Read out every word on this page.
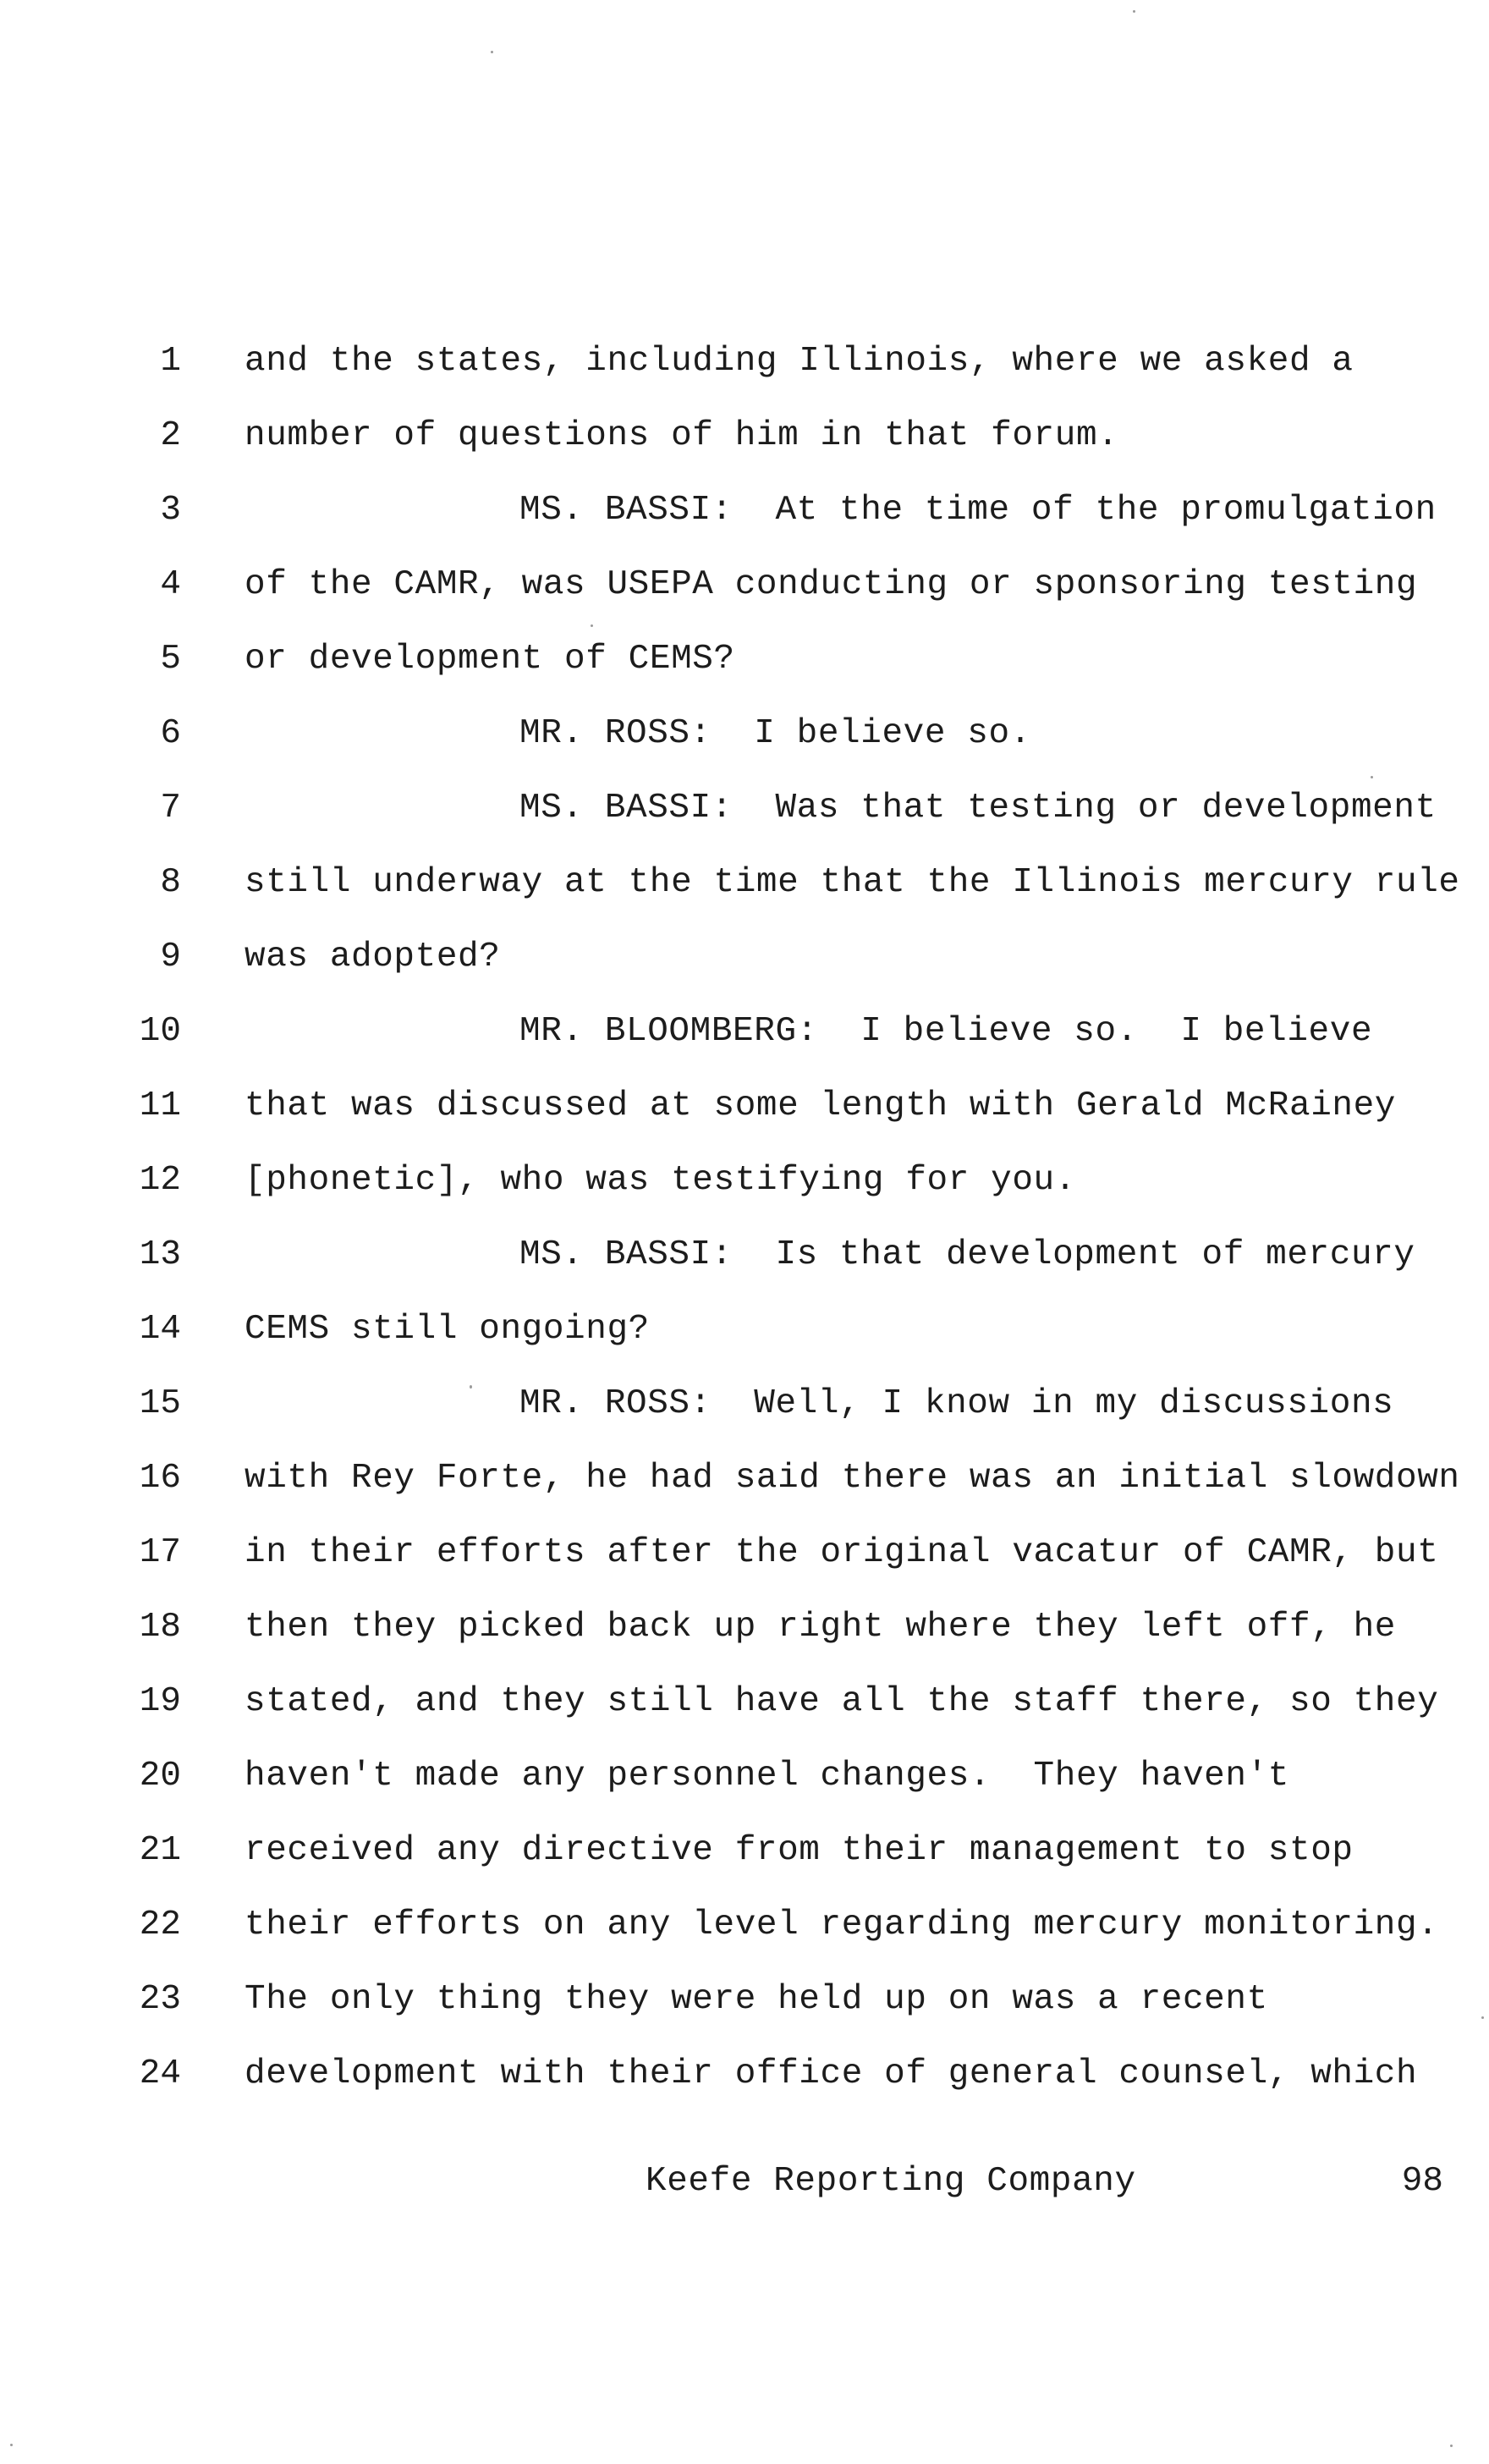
1 and the states, including Illinois, where we asked a
2 number of questions of him in that forum.
3	MS. BASSI:  At the time of the promulgation
4 of the CAMR, was USEPA conducting or sponsoring testing
5 or development of CEMS?
6	MR. ROSS:  I believe so.
7	MS. BASSI:  Was that testing or development
8 still underway at the time that the Illinois mercury rule
9 was adopted?
10	MR. BLOOMBERG:  I believe so.  I believe
11 that was discussed at some length with Gerald McRainey
12 [phonetic], who was testifying for you.
13	MS. BASSI:  Is that development of mercury
14 CEMS still ongoing?
15	MR. ROSS:  Well, I know in my discussions
16 with Rey Forte, he had said there was an initial slowdown
17 in their efforts after the original vacatur of CAMR, but
18 then they picked back up right where they left off, he
19 stated, and they still have all the staff there, so they
20 haven't made any personnel changes.  They haven't
21 received any directive from their management to stop
22 their efforts on any level regarding mercury monitoring.
23 The only thing they were held up on was a recent
24 development with their office of general counsel, which

Keefe Reporting Company

	98
